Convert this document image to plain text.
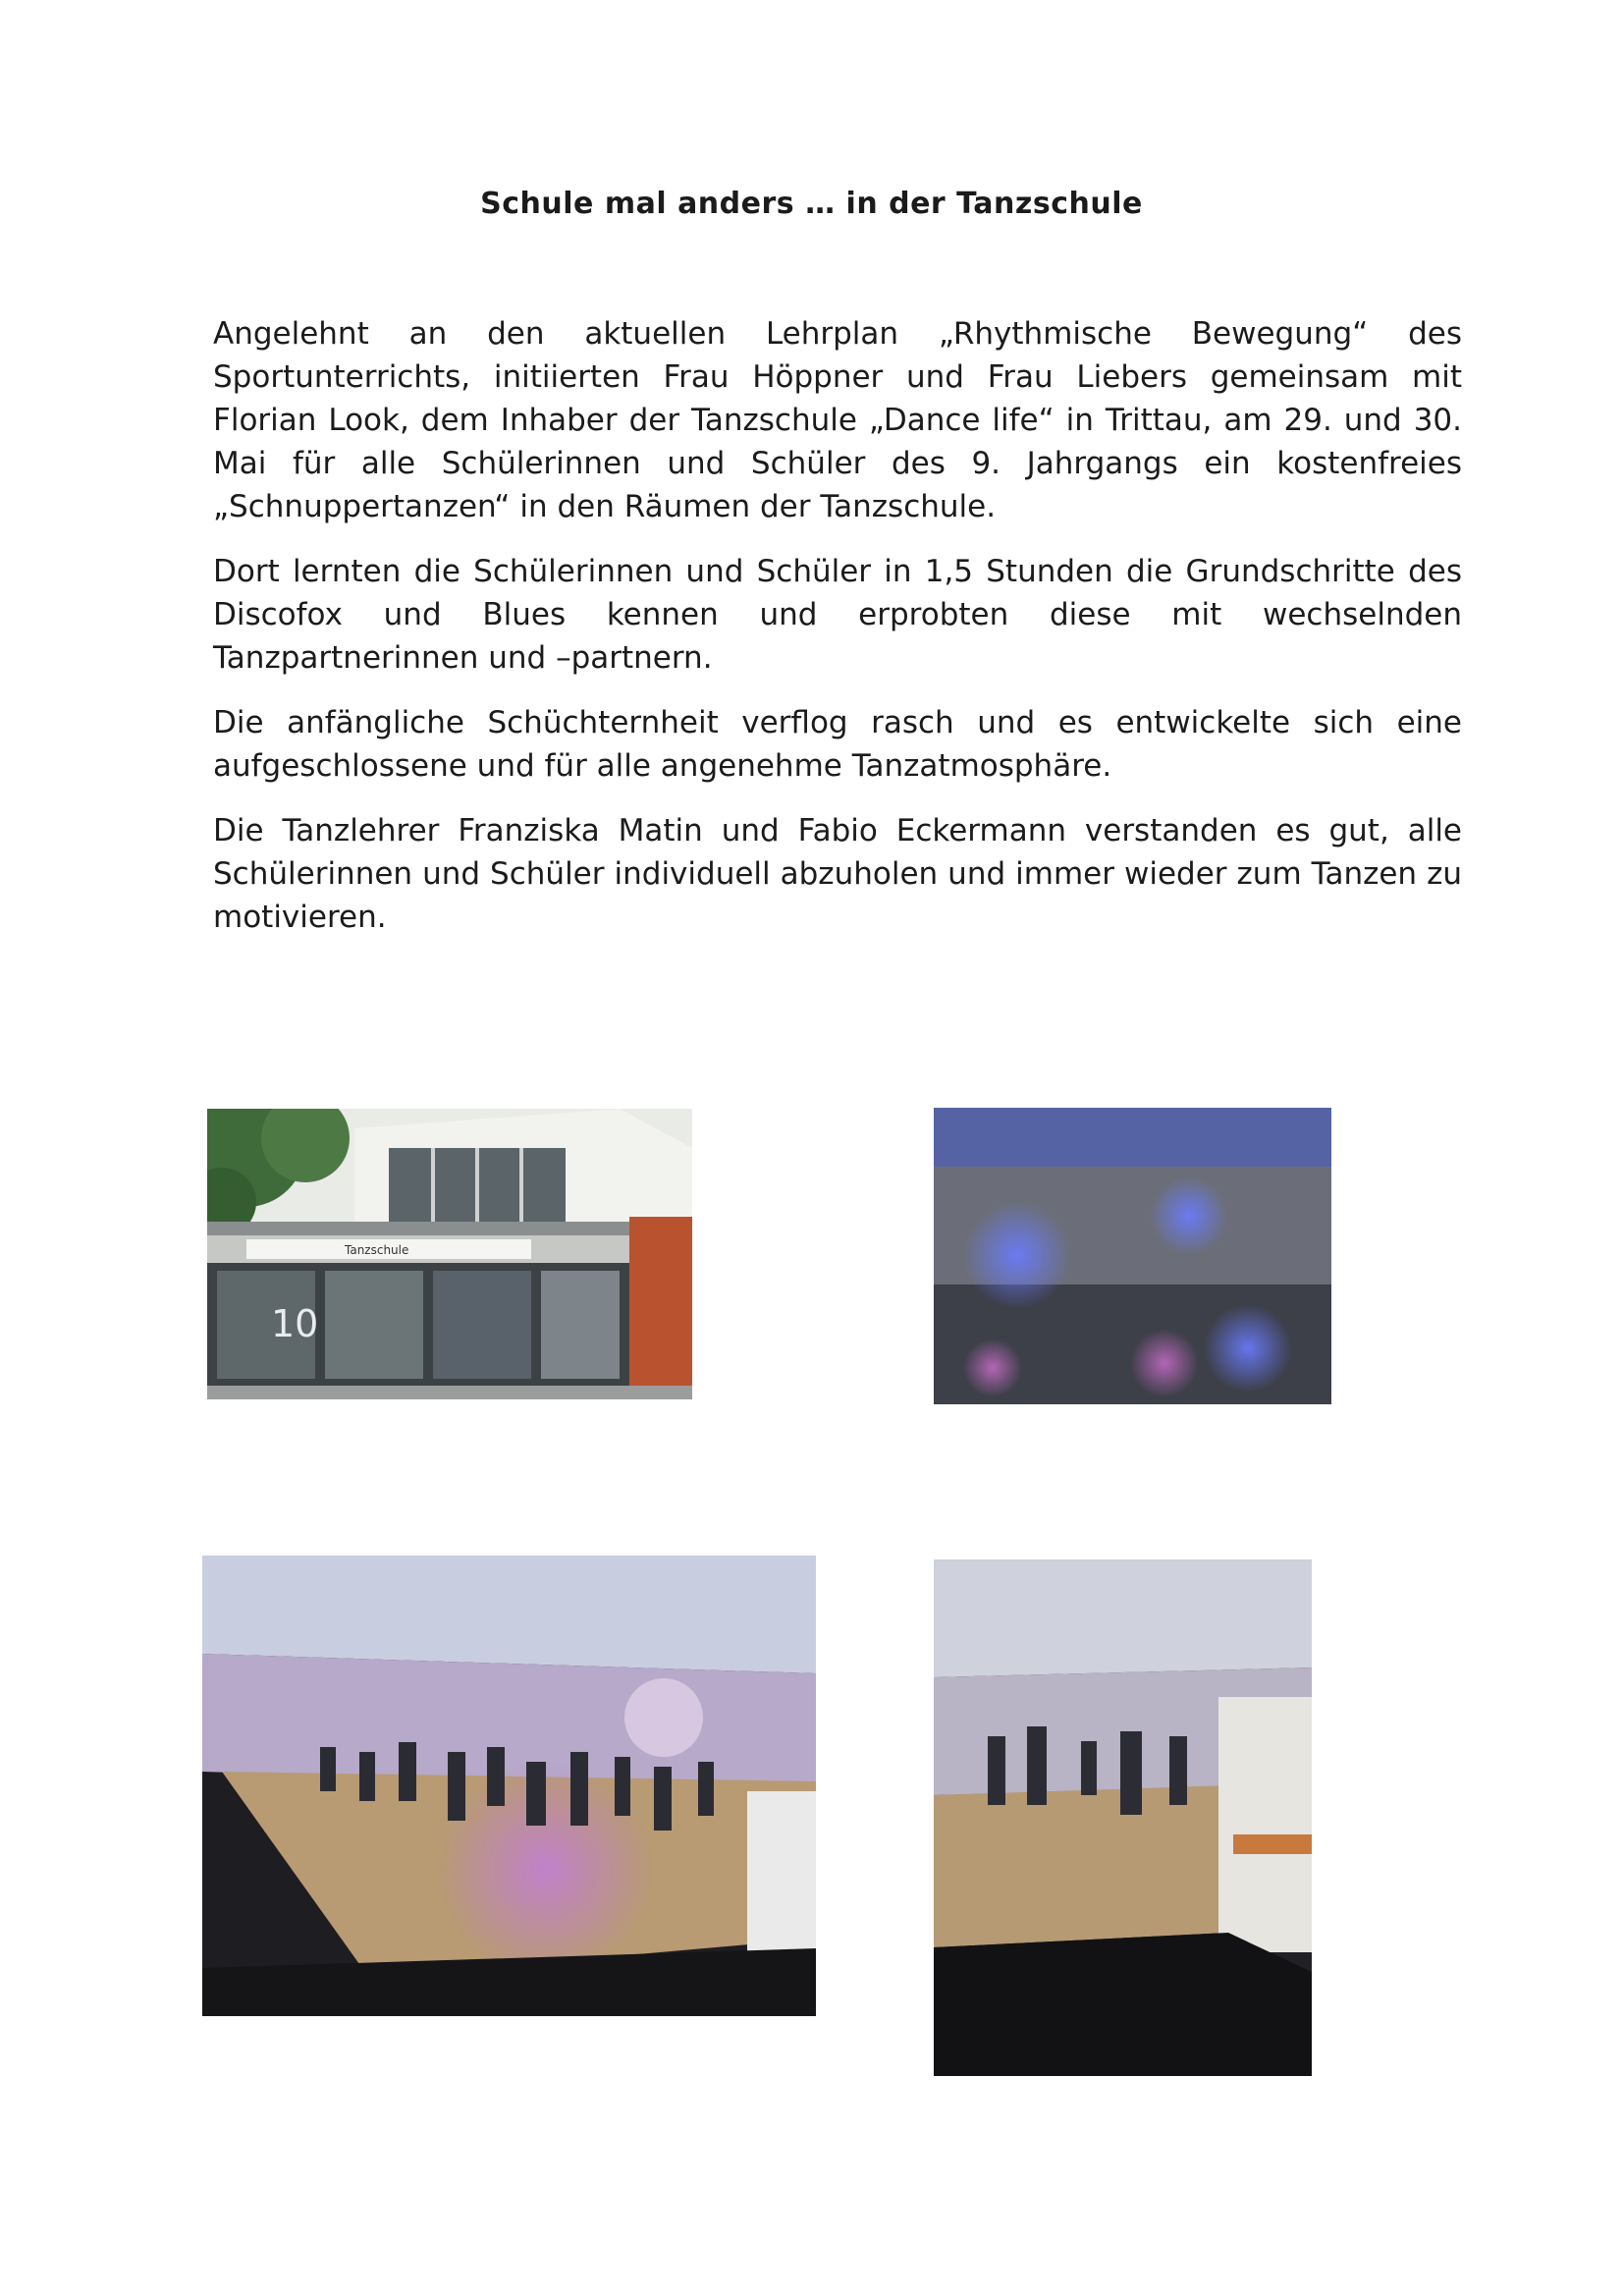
Schule mal anders … in der Tanzschule

Angelehnt an den aktuellen Lehrplan „Rhythmische Bewegung“ des Sportunterrichts, initiierten Frau Höppner und Frau Liebers gemeinsam mit Florian Look, dem Inhaber der Tanzschule „Dance life“ in Trittau, am 29. und 30. Mai für alle Schülerinnen und Schüler des 9. Jahrgangs ein kostenfreies „Schnuppertanzen“ in den Räumen der Tanzschule.

Dort lernten die Schülerinnen und Schüler in 1,5 Stunden die Grundschritte des Discofox und Blues kennen und erprobten diese mit wechselnden Tanzpartnerinnen und –partnern.

Die anfängliche Schüchternheit verflog rasch und es entwickelte sich eine aufgeschlossene und für alle angenehme Tanzatmosphäre.

Die Tanzlehrer Franziska Matin und Fabio Eckermann verstanden es gut, alle Schülerinnen und Schüler individuell abzuholen und immer wieder zum Tanzen zu motivieren.

Tanzschule
10
